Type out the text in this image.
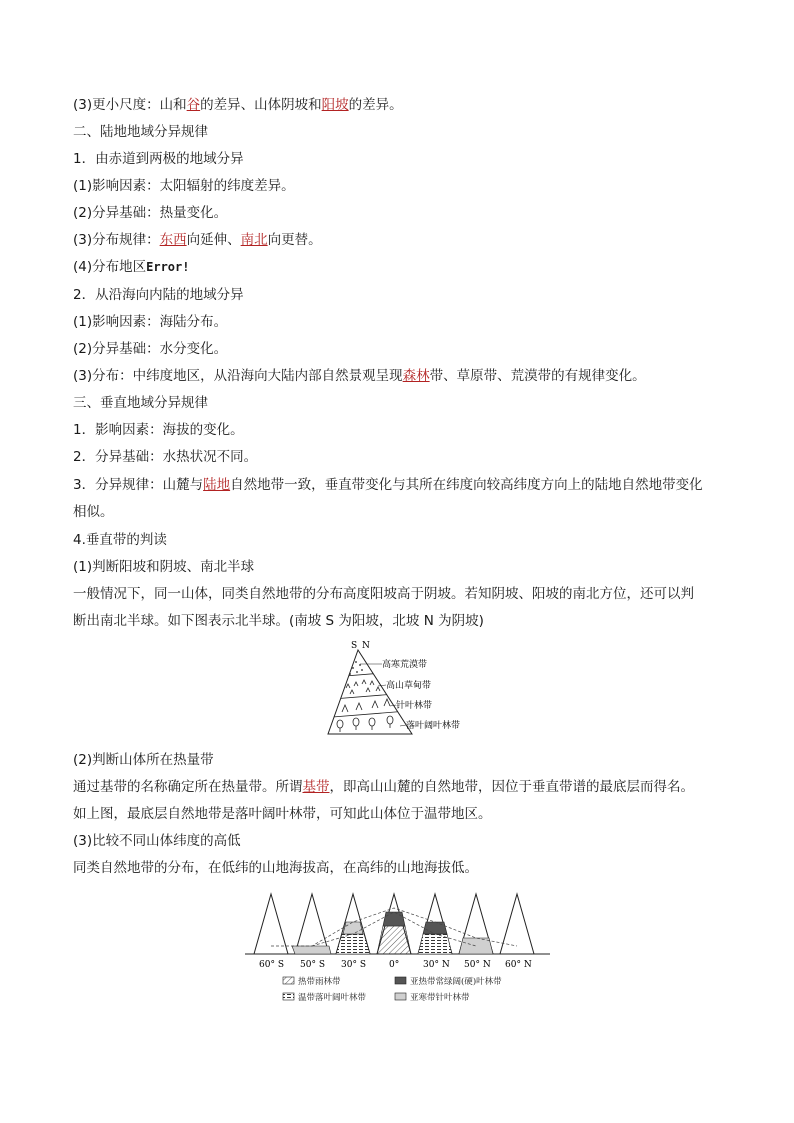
(3)更小尺度：山和谷的差异、山体阴坡和阳坡的差异。
二、陆地地域分异规律
1．由赤道到两极的地域分异
(1)影响因素：太阳辐射的纬度差异。
(2)分异基础：热量变化。
(3)分布规律：东西向延伸、南北向更替。
(4)分布地区Error!
2．从沿海向内陆的地域分异
(1)影响因素：海陆分布。
(2)分异基础：水分变化。
(3)分布：中纬度地区，从沿海向大陆内部自然景观呈现森林带、草原带、荒漠带的有规律变化。
三、垂直地域分异规律
1．影响因素：海拔的变化。
2．分异基础：水热状况不同。
3．分异规律：山麓与陆地自然地带一致，垂直带变化与其所在纬度向较高纬度方向上的陆地自然地带变化
相似。
4.垂直带的判读
(1)判断阳坡和阴坡、南北半球
一般情况下，同一山体，同类自然地带的分布高度阳坡高于阴坡。若知阴坡、阳坡的南北方位，还可以判
断出南北半球。如下图表示北半球。(南坡 S 为阳坡，北坡 N 为阴坡)
S N
高寒荒漠带
高山草甸带
针叶林带
落叶阔叶林带
(2)判断山体所在热量带
通过基带的名称确定所在热量带。所谓基带，即高山山麓的自然地带，因位于垂直带谱的最底层而得名。
如上图，最底层自然地带是落叶阔叶林带，可知此山体位于温带地区。
(3)比较不同山体纬度的高低
同类自然地带的分布，在低纬的山地海拔高，在高纬的山地海拔低。
60° S 50° S 30° S	0°	30° N 50° N 60° N
热带雨林带	亚热带常绿阔(硬)叶林带
温带落叶阔叶林带	亚寒带针叶林带
